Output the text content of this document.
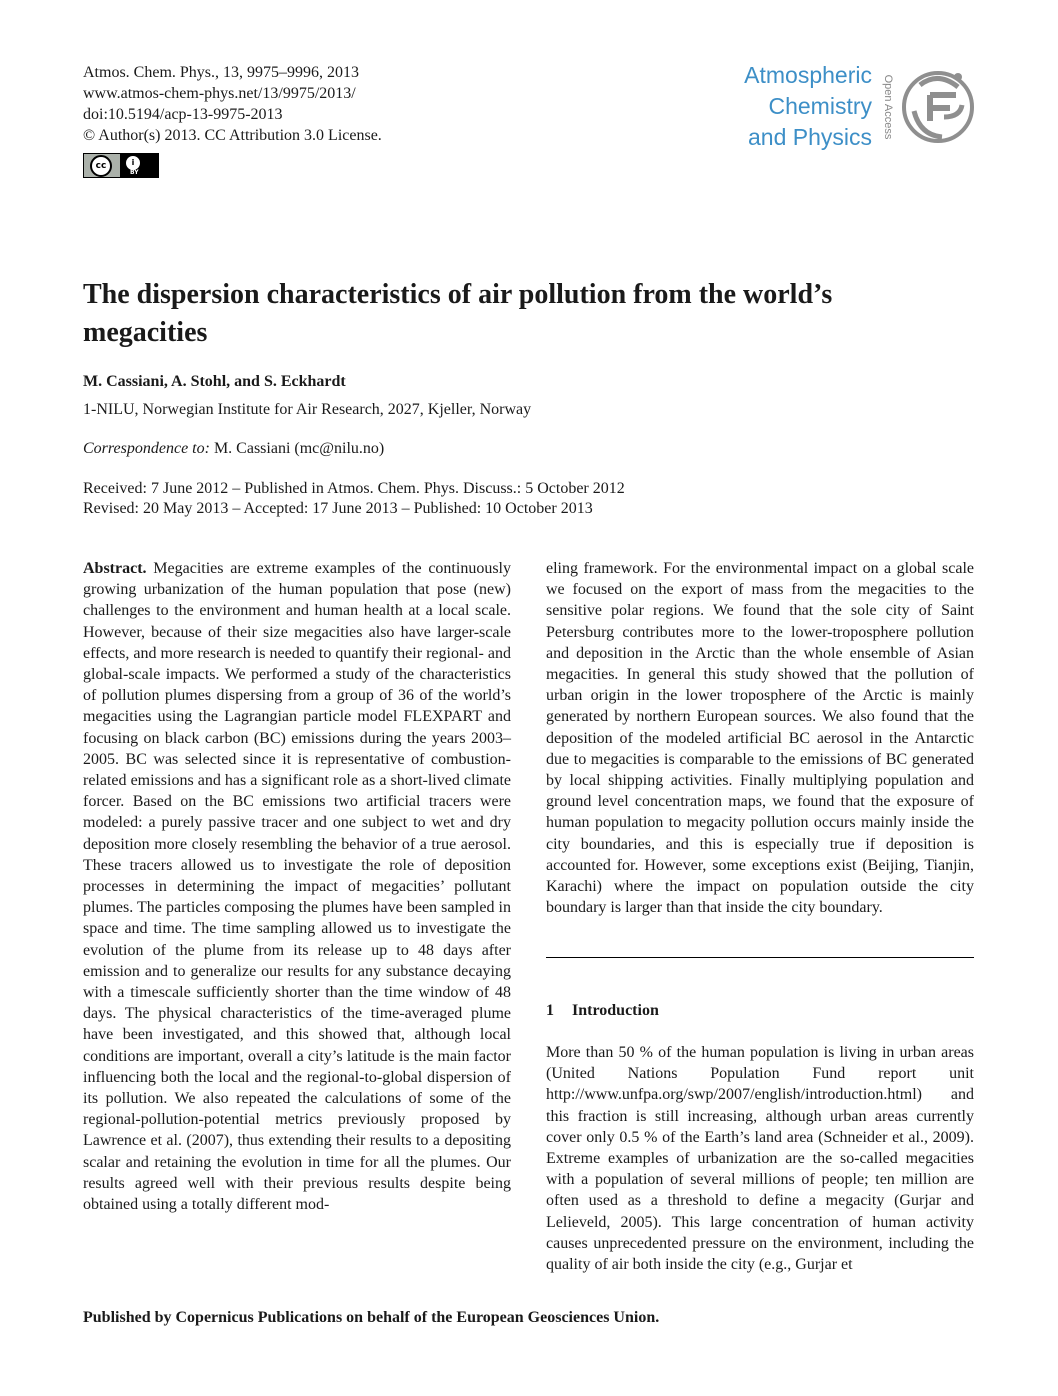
Atmos. Chem. Phys., 13, 9975–9996, 2013
www.atmos-chem-phys.net/13/9975/2013/
doi:10.5194/acp-13-9975-2013
© Author(s) 2013. CC Attribution 3.0 License.
cc	i
BY
Atmospheric
Chemistry
and Physics Open Access
The dispersion characteristics of air pollution from the world’s megacities
M. Cassiani, A. Stohl, and S. Eckhardt
1-NILU, Norwegian Institute for Air Research, 2027, Kjeller, Norway
Correspondence to: M. Cassiani (mc@nilu.no)
Received: 7 June 2012 – Published in Atmos. Chem. Phys. Discuss.: 5 October 2012
Revised: 20 May 2013 – Accepted: 17 June 2013 – Published: 10 October 2013

Abstract. Megacities are extreme examples of the continuously growing urbanization of the human population that pose (new) challenges to the environment and human health at a local scale. However, because of their size megacities also have larger-scale effects, and more research is needed to quantify their regional- and global-scale impacts. We performed a study of the characteristics of pollution plumes dispersing from a group of 36 of the world’s megacities using the Lagrangian particle model FLEXPART and focusing on black carbon (BC) emissions during the years 2003–2005. BC was selected since it is representative of combustion-related emissions and has a significant role as a short-lived climate forcer. Based on the BC emissions two artificial tracers were modeled: a purely passive tracer and one subject to wet and dry deposition more closely resembling the behavior of a true aerosol. These tracers allowed us to investigate the role of deposition processes in determining the impact of megacities’ pollutant plumes. The particles composing the plumes have been sampled in space and time. The time sampling allowed us to investigate the evolution of the plume from its release up to 48 days after emission and to generalize our results for any substance decaying with a timescale sufficiently shorter than the time window of 48 days. The physical characteristics of the time-averaged plume have been investigated, and this showed that, although local conditions are important, overall a city’s latitude is the main factor influencing both the local and the regional-to-global dispersion of its pollution. We also repeated the calculations of some of the regional-pollution-potential metrics previously proposed by Lawrence et al. (2007), thus extending their results to a depositing scalar and retaining the evolution in time for all the plumes. Our results agreed well with their previous results despite being obtained using a totally different mod-

eling framework. For the environmental impact on a global scale we focused on the export of mass from the megacities to the sensitive polar regions. We found that the sole city of Saint Petersburg contributes more to the lower-troposphere pollution and deposition in the Arctic than the whole ensemble of Asian megacities. In general this study showed that the pollution of urban origin in the lower troposphere of the Arctic is mainly generated by northern European sources. We also found that the deposition of the modeled artificial BC aerosol in the Antarctic due to megacities is comparable to the emissions of BC generated by local shipping activities. Finally multiplying population and ground level concentration maps, we found that the exposure of human population to megacity pollution occurs mainly inside the city boundaries, and this is especially true if deposition is accounted for. However, some exceptions exist (Beijing, Tianjin, Karachi) where the impact on population outside the city boundary is larger than that inside the city boundary.

1 Introduction

More than 50 % of the human population is living in urban areas (United Nations Population Fund report unit http://www.unfpa.org/swp/2007/english/introduction.html) and this fraction is still increasing, although urban areas currently cover only 0.5 % of the Earth’s land area (Schneider et al., 2009). Extreme examples of urbanization are the so-called megacities with a population of several millions of people; ten million are often used as a threshold to define a megacity (Gurjar and Lelieveld, 2005). This large concentration of human activity causes unprecedented pressure on the environment, including the quality of air both inside the city (e.g., Gurjar et

Published by Copernicus Publications on behalf of the European Geosciences Union.
